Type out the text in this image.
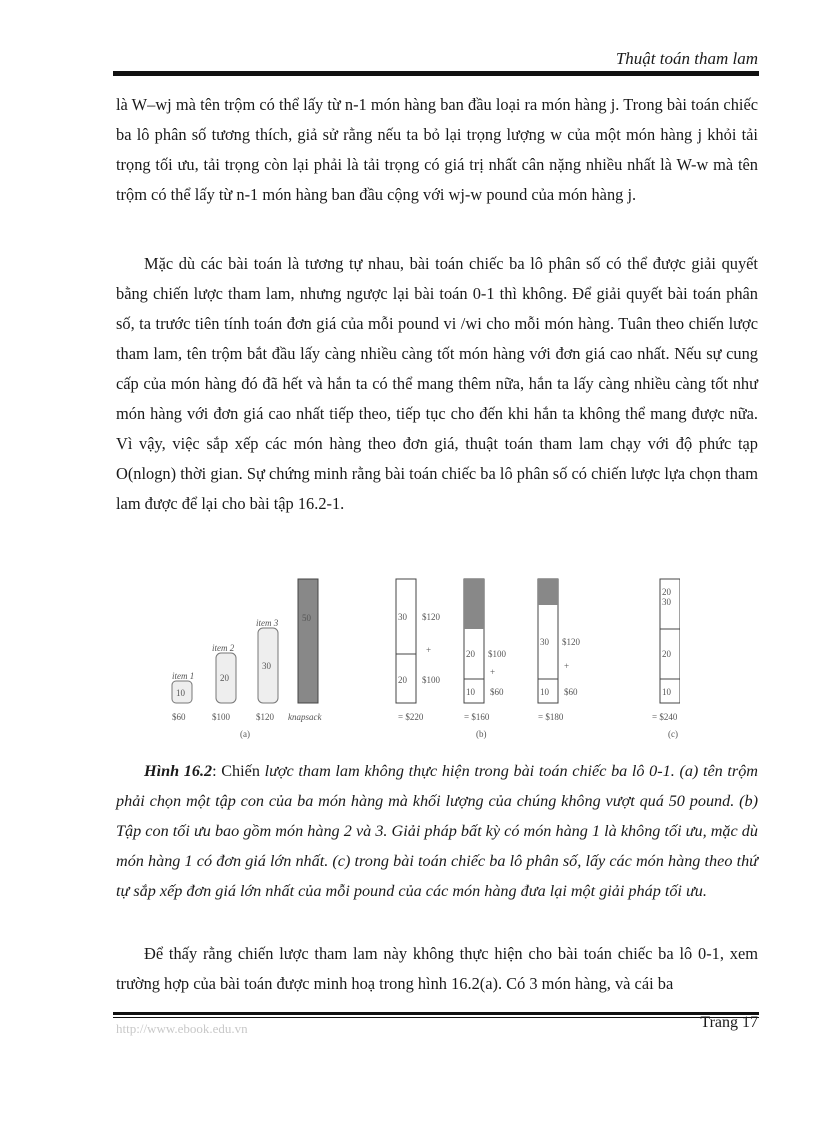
Thuật toán tham lam

là W–wj mà tên trộm có thể lấy từ n-1 món hàng ban đầu loại ra món hàng j. Trong bài toán chiếc ba lô phân số tương thích, giả sử rằng nếu ta bỏ lại trọng lượng w của một món hàng j khỏi tải trọng tối ưu, tải trọng còn lại phải là tải trọng có giá trị nhất cân nặng nhiều nhất là W-w mà tên trộm có thể lấy từ n-1 món hàng ban đầu cộng với wj-w pound của món hàng j.

Mặc dù các bài toán là tương tự nhau, bài toán chiếc ba lô phân số có thể được giải quyết bằng chiến lược tham lam, nhưng ngược lại bài toán 0-1 thì không. Để giải quyết bài toán phân số, ta trước tiên tính toán đơn giá của mỗi pound vi /wi cho mỗi món hàng. Tuân theo chiến lược tham lam, tên trộm bắt đầu lấy càng nhiều càng tốt món hàng với đơn giá cao nhất. Nếu sự cung cấp của món hàng đó đã hết và hắn ta có thể mang thêm nữa, hắn ta lấy càng nhiều càng tốt như món hàng với đơn giá cao nhất tiếp theo, tiếp tục cho đến khi hắn ta không thể mang được nữa. Vì vậy, việc sắp xếp các món hàng theo đơn giá, thuật toán tham lam chạy với độ phức tạp O(nlogn) thời gian. Sự chứng minh rằng bài toán chiếc ba lô phân số có chiến lược lựa chọn tham lam được để lại cho bài tập 16.2-1.

item 1
10
$60
item 2
20
$100
item 3
30
$120
50
knapsack
(a)
30 $120
+
20 $100
= $220
20 $100
+
10 $60
= $160
(b)
30 $120
+
10 $60
= $180
20
30
20
10
= $240
(c)

Hình 16.2: Chiến lược tham lam không thực hiện trong bài toán chiếc ba lô 0-1. (a) tên trộm phải chọn một tập con của ba món hàng mà khối lượng của chúng không vượt quá 50 pound. (b) Tập con tối ưu bao gồm món hàng 2 và 3. Giải pháp bất kỳ có món hàng 1 là không tối ưu, mặc dù món hàng 1 có đơn giá lớn nhất. (c) trong bài toán chiếc ba lô phân số, lấy các món hàng theo thứ tự sắp xếp đơn giá lớn nhất của mỗi pound của các món hàng đưa lại một giải pháp tối ưu.

Để thấy rằng chiến lược tham lam này không thực hiện cho bài toán chiếc ba lô 0-1, xem trường hợp của bài toán được minh hoạ trong hình 16.2(a). Có 3 món hàng, và cái ba

http://www.ebook.edu.vn	Trang 17
